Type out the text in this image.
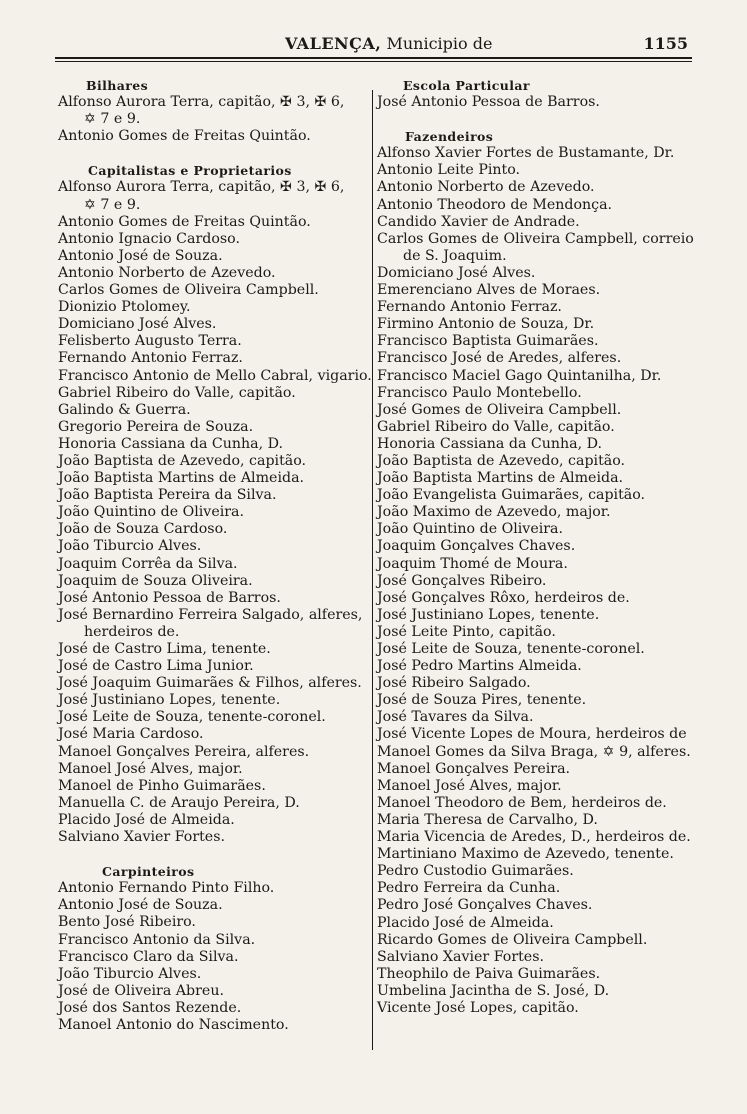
VALENÇA, Municipio de	1155
Bilhares
Alfonso Aurora Terra, capitão, ✠ 3, ✠ 6,
✡ 7 e 9.
Antonio Gomes de Freitas Quintão.
Capitalistas e Proprietarios
Alfonso Aurora Terra, capitão, ✠ 3, ✠ 6,
✡ 7 e 9.
Antonio Gomes de Freitas Quintão.
Antonio Ignacio Cardoso.
Antonio José de Souza.
Antonio Norberto de Azevedo.
Carlos Gomes de Oliveira Campbell.
Dionizio Ptolomey.
Domiciano José Alves.
Felisberto Augusto Terra.
Fernando Antonio Ferraz.
Francisco Antonio de Mello Cabral, vigario.
Gabriel Ribeiro do Valle, capitão.
Galindo & Guerra.
Gregorio Pereira de Souza.
Honoria Cassiana da Cunha, D.
João Baptista de Azevedo, capitão.
João Baptista Martins de Almeida.
João Baptista Pereira da Silva.
João Quintino de Oliveira.
João de Souza Cardoso.
João Tiburcio Alves.
Joaquim Corrêa da Silva.
Joaquim de Souza Oliveira.
José Antonio Pessoa de Barros.
José Bernardino Ferreira Salgado, alferes,
herdeiros de.
José de Castro Lima, tenente.
José de Castro Lima Junior.
José Joaquim Guimarães & Filhos, alferes.
José Justiniano Lopes, tenente.
José Leite de Souza, tenente-coronel.
José Maria Cardoso.
Manoel Gonçalves Pereira, alferes.
Manoel José Alves, major.
Manoel de Pinho Guimarães.
Manuella C. de Araujo Pereira, D.
Placido José de Almeida.
Salviano Xavier Fortes.
Carpinteiros
Antonio Fernando Pinto Filho.
Antonio José de Souza.
Bento José Ribeiro.
Francisco Antonio da Silva.
Francisco Claro da Silva.
João Tiburcio Alves.
José de Oliveira Abreu.
José dos Santos Rezende.
Manoel Antonio do Nascimento.
Escola Particular
José Antonio Pessoa de Barros.
Fazendeiros
Alfonso Xavier Fortes de Bustamante, Dr.
Antonio Leite Pinto.
Antonio Norberto de Azevedo.
Antonio Theodoro de Mendonça.
Candido Xavier de Andrade.
Carlos Gomes de Oliveira Campbell, correio
de S. Joaquim.
Domiciano José Alves.
Emerenciano Alves de Moraes.
Fernando Antonio Ferraz.
Firmino Antonio de Souza, Dr.
Francisco Baptista Guimarães.
Francisco José de Aredes, alferes.
Francisco Maciel Gago Quintanilha, Dr.
Francisco Paulo Montebello.
José Gomes de Oliveira Campbell.
Gabriel Ribeiro do Valle, capitão.
Honoria Cassiana da Cunha, D.
João Baptista de Azevedo, capitão.
João Baptista Martins de Almeida.
João Evangelista Guimarães, capitão.
João Maximo de Azevedo, major.
João Quintino de Oliveira.
Joaquim Gonçalves Chaves.
Joaquim Thomé de Moura.
José Gonçalves Ribeiro.
José Gonçalves Rôxo, herdeiros de.
José Justiniano Lopes, tenente.
José Leite Pinto, capitão.
José Leite de Souza, tenente-coronel.
José Pedro Martins Almeida.
José Ribeiro Salgado.
José de Souza Pires, tenente.
José Tavares da Silva.
José Vicente Lopes de Moura, herdeiros de
Manoel Gomes da Silva Braga, ✡ 9, alferes.
Manoel Gonçalves Pereira.
Manoel José Alves, major.
Manoel Theodoro de Bem, herdeiros de.
Maria Theresa de Carvalho, D.
Maria Vicencia de Aredes, D., herdeiros de.
Martiniano Maximo de Azevedo, tenente.
Pedro Custodio Guimarães.
Pedro Ferreira da Cunha.
Pedro José Gonçalves Chaves.
Placido José de Almeida.
Ricardo Gomes de Oliveira Campbell.
Salviano Xavier Fortes.
Theophilo de Paiva Guimarães.
Umbelina Jacintha de S. José, D.
Vicente José Lopes, capitão.
